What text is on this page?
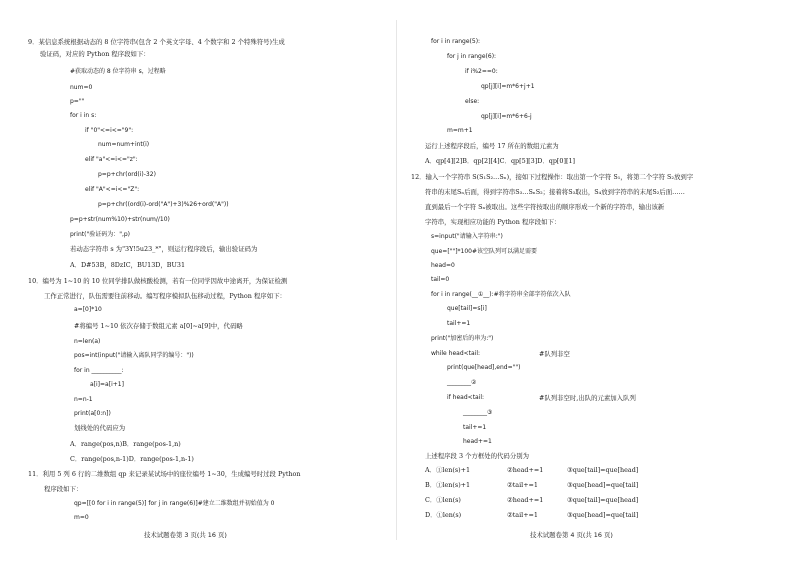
9．某信息系统根据动态的 8 位字符串(包含 2 个英文字母、4 个数字和 2 个特殊符号)生成
验证码，对应的 Python 程序段如下：
#获取动态的 8 位字符串 s，过程略
num=0
p=""
for i in s:
if "0"<=i<="9":
num=num+int(i)
elif "a"<=i<="z":
p=p+chr(ord(i)-32)
elif "A"<=i<="Z":
p=p+chr((ord(i)-ord("A")+3)%26+ord("A"))
p=p+str(num%10)+str(num//10)
print("验证码为：",p)
若动态字符串 s 为"3Y!5u23_*"，则运行程序段后，输出验证码为
A．D#53B，8DzIC，BU13D，BU31
10．编号为 1~10 的 10 位同学排队做核酸检测，若有一位同学因故中途离开，为保证检测
工作正常进行，队伍需要往前移动。编写程序模拟队伍移动过程，Python 程序如下：
a=[0]*10
#将编号 1~10 依次存储于数组元素 a[0]~a[9]中，代码略
n=len(a)
pos=int(input("请输入离队同学的编号："))
for in __________:
a[i]=a[i+1]
n=n-1
print(a[0:n])
划线处的代码应为
A．range(pos,n)B．range(pos-1,n)
C．range(pos,n-1)D．range(pos-1,n-1)
11．利用 5 列 6 行的二维数组 qp 来记录某试场中的座位编号 1~30，生成编号时过段 Python
程序段如下：
qp=[[0 for i in range(5)] for j in range(6)]#建立二维数组并初始值为 0
m=0
for i in range(5):
for j in range(6):
if i%2==0:
qp[j][i]=m*6+j+1
else:
qp[j][i]=m*6+6-j
m=m+1
运行上述程序段后，编号 17 所在的数组元素为
A．qp[4][2]B．qp[2][4]C．qp[5][3]D．qp[0][1]
12．输入一个字符串 S(S₁S₂…Sₙ)，接如下过程操作：取出第一个字符 S₁，将第二个字符 S₂放到字
符串的末尾Sₙ后面，得到字符串S₃…SₙS₂；接着将S₃取出，S₄放到字符串的末尾S₂后面……
直到最后一个字符 Sₙ被取出。这些字符按取出的顺序形成一个新的字符串，输出该新
字符串，实现相应功能的 Python 程序段如下：
s=input("请输入字符串:")
que=[""]*100#该空队列可以满足需要
head=0
tail=0
for i in range(__①__):#将字符串全部字符依次入队
que[tail]=s[i]
tail+=1
print("加密后的串为:")
while head<tail:	#队列非空
print(que[head],end="")
________②
if head<tail:	#队列非空时,出队的元素加入队列
________③
tail+=1
head+=1
上述程序段 3 个方框处的代码分别为
A．①len(s)+1	②head+=1	③que[tail]=que[head]
B．①len(s)+1	②tail+=1	③que[head]=que[tail]
C．①len(s)	②head+=1	③que[tail]=que[head]
D．①len(s)	②tail+=1	③que[head]=que[tail]
技术试题卷第 3 页(共 16 页)	技术试题卷第 4 页(共 16 页)
